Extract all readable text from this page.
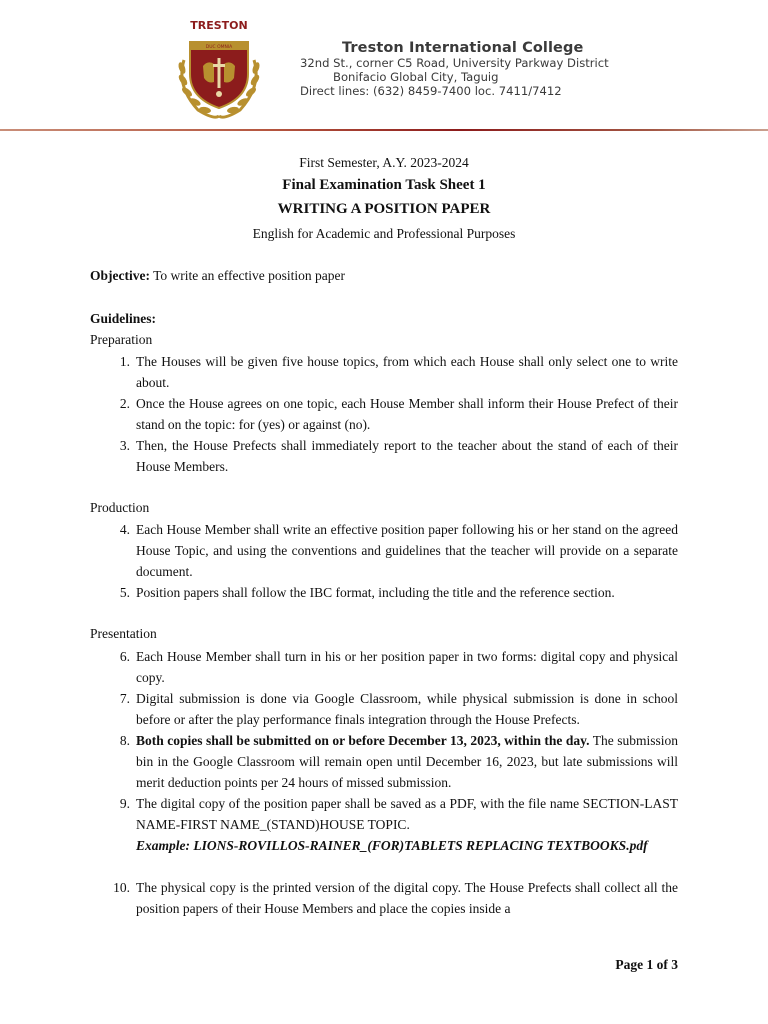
TRESTON
DUC OMNIA	Treston International College
32nd St., corner C5 Road, University Parkway District
Bonifacio Global City, Taguig
Direct lines: (632) 8459-7400 loc. 7411/7412
First Semester, A.Y. 2023-2024
Final Examination Task Sheet 1
WRITING A POSITION PAPER
English for Academic and Professional Purposes
Objective: To write an effective position paper
Guidelines:
Preparation
1. The Houses will be given five house topics, from which each House shall only select one to write about.
2. Once the House agrees on one topic, each House Member shall inform their House Prefect of their stand on the topic: for (yes) or against (no).
3. Then, the House Prefects shall immediately report to the teacher about the stand of each of their House Members.
Production
4. Each House Member shall write an effective position paper following his or her stand on the agreed House Topic, and using the conventions and guidelines that the teacher will provide on a separate document.
5. Position papers shall follow the IBC format, including the title and the reference section.
Presentation
6. Each House Member shall turn in his or her position paper in two forms: digital copy and physical copy.
7. Digital submission is done via Google Classroom, while physical submission is done in school before or after the play performance finals integration through the House Prefects.
8. Both copies shall be submitted on or before December 13, 2023, within the day. The submission bin in the Google Classroom will remain open until December 16, 2023, but late submissions will merit deduction points per 24 hours of missed submission.
9. The digital copy of the position paper shall be saved as a PDF, with the file name SECTION-LAST NAME-FIRST NAME_(STAND)HOUSE TOPIC.
Example: LIONS-ROVILLOS-RAINER_(FOR)TABLETS REPLACING TEXTBOOKS.pdf
10. The physical copy is the printed version of the digital copy. The House Prefects shall collect all the position papers of their House Members and place the copies inside a
Page 1 of 3
